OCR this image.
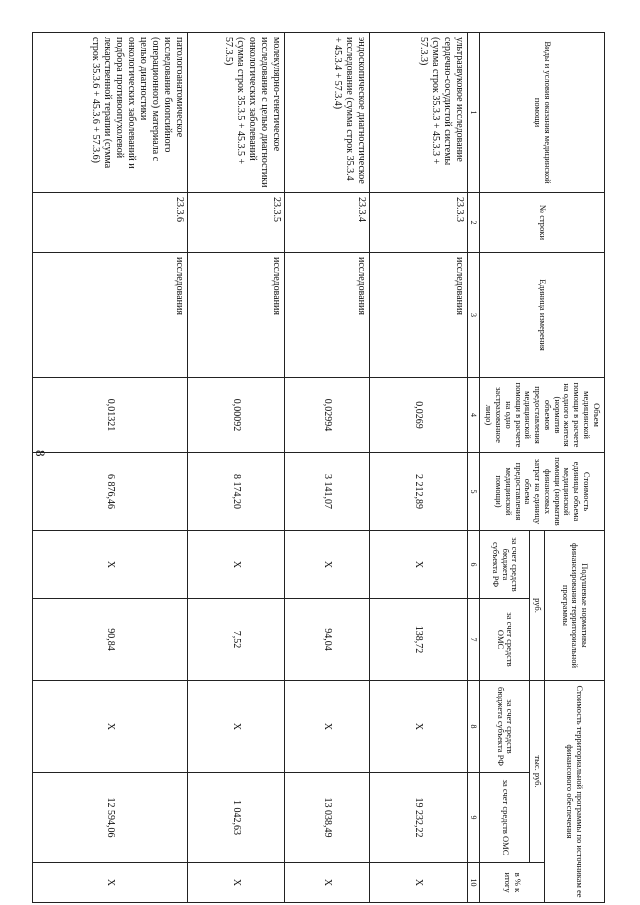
8
Виды и условия оказания медицинской помощи	№ строки	Единица измерения	Объем медицинской помощи в расчете на одного жителя (норматив объемов предоставления медицинской помощи в расчете на одно застрахованное лицо)	Стоимость единицы объема медицинской помощи (норматив финансовых затрат на единицу объема предоставления медицинской помощи)	Подушевые нормативы финансирования территориальной программы		Стоимость территориальной программы по источникам ее финансового обеспечения		
					руб.		тыс. руб.		в % к итогу
					за счет средств бюджета субъекта РФ	за счет средств ОМС	за счет средств бюджета субъекта РФ	за счет средств ОМС	
1	2	3	4	5	6	7	8	9	10
ультразвуковое исследование сердечно-сосудистой системы (сумма строк 35.3.3 + 45.3.3 + 57.3.3)	23.3.3	исследования	0,0269	2 212,89	X	138,72	X	19 232,22	X
эндоскопическое диагностическое исследование (сумма строк 35.3.4 + 45.3.4 + 57.3.4)	23.3.4	исследования	0,02994	3 141,07	X	94,04	X	13 038,49	X
молекулярно-генетическое исследование с целью диагностики онкологических заболеваний (сумма строк 35.3.5 + 45.3.5 + 57.3.5)	23.3.5	исследования	0,00092	8 174,20	X	7,52	X	1 042,63	X
патологоанатомическое исследование биопсийного (операционного) материала с целью диагностики онкологических заболеваний и подбора противоопухолевой лекарственной терапии (сумма строк 35.3.6 + 45.3.6 + 57.3.6)	23.3.6	исследования	0,01321	6 876,46	X	90,84	X	12 594,06	X
